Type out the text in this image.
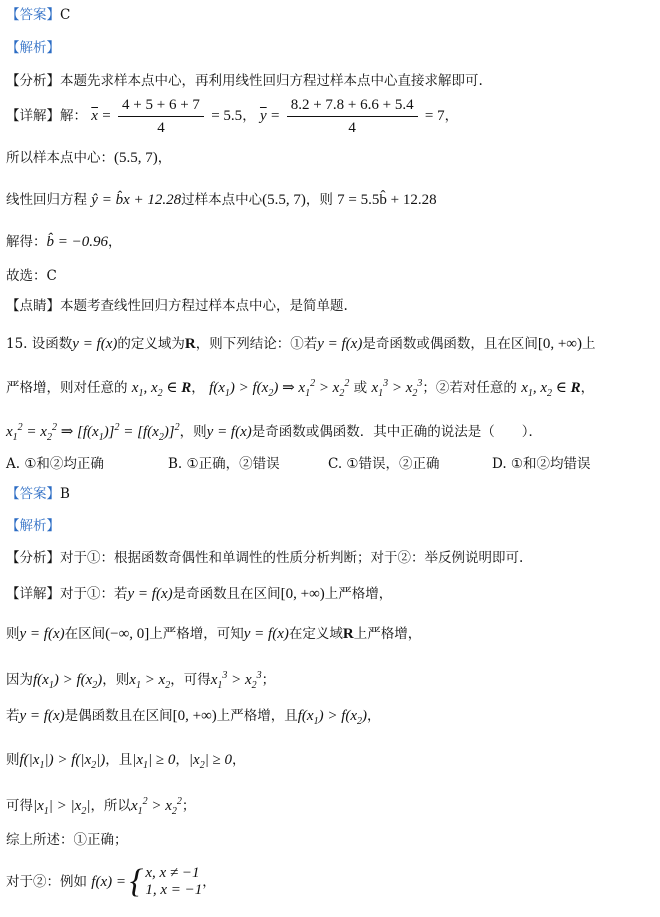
【答案】C
【解析】
【分析】本题先求样本点中心，再利用线性回归方程过样本点中心直接求解即可.
【详解】解： $\overline{x} = \frac{4 + 5 + 6 + 7}{4} = 5.5$， $\overline{y} = \frac{8.2 + 7.8 + 6.6 + 5.4}{4} = 7$，
所以样本点中心：(5.5, 7)，
线性回归方程 ŷ = b̂x + 12.28过样本点中心(5.5, 7)，则 7 = 5.5b̂ + 12.28
解得：b̂ = −0.96，
故选：C
【点睛】本题考查线性回归方程过样本点中心，是简单题.
15. 设函数y = f(x)的定义域为R，则下列结论：①若y = f(x)是奇函数或偶函数，且在区间[0, +∞)上
严格增，则对任意的 $x_1$, $x_2$ ∈ R， $f(x_1) > f(x_2)$ ⇒ $x_1^2 > x_2^2$ 或 $x_1^3 > x_2^3$；②若对任意的 $x_1$, $x_2$ ∈ R，
$x_1^2 = x_2^2$ ⇒ $[f(x_1)]^2 = [f(x_2)]^2$，则y = f(x)是奇函数或偶函数．其中正确的说法是（　　）．
A. ①和②均正确	B. ①正确，②错误	C. ①错误，②正确	D. ①和②均错误
【答案】B
【解析】
【分析】对于①：根据函数奇偶性和单调性的性质分析判断；对于②：举反例说明即可.
【详解】对于①：若y = f(x)是奇函数且在区间[0, +∞)上严格增，
则y = f(x)在区间(−∞, 0]上严格增，可知y = f(x)在定义域R上严格增，
因为$f(x_1) > f(x_2)$，则$x_1 > x_2$，可得$x_1^3 > x_2^3$；
若y = f(x)是偶函数且在区间[0, +∞)上严格增，且$f(x_1) > f(x_2)$，
则$f(|x_1|) > f(|x_2|)$，且$|x_1| \ge 0$，$|x_2| \ge 0$，
可得$|x_1| > |x_2|$，所以$x_1^2 > x_2^2$；
综上所述：①正确；
对于②：例如 f(x) = { x, x ≠ −1
1, x = −1 ，
